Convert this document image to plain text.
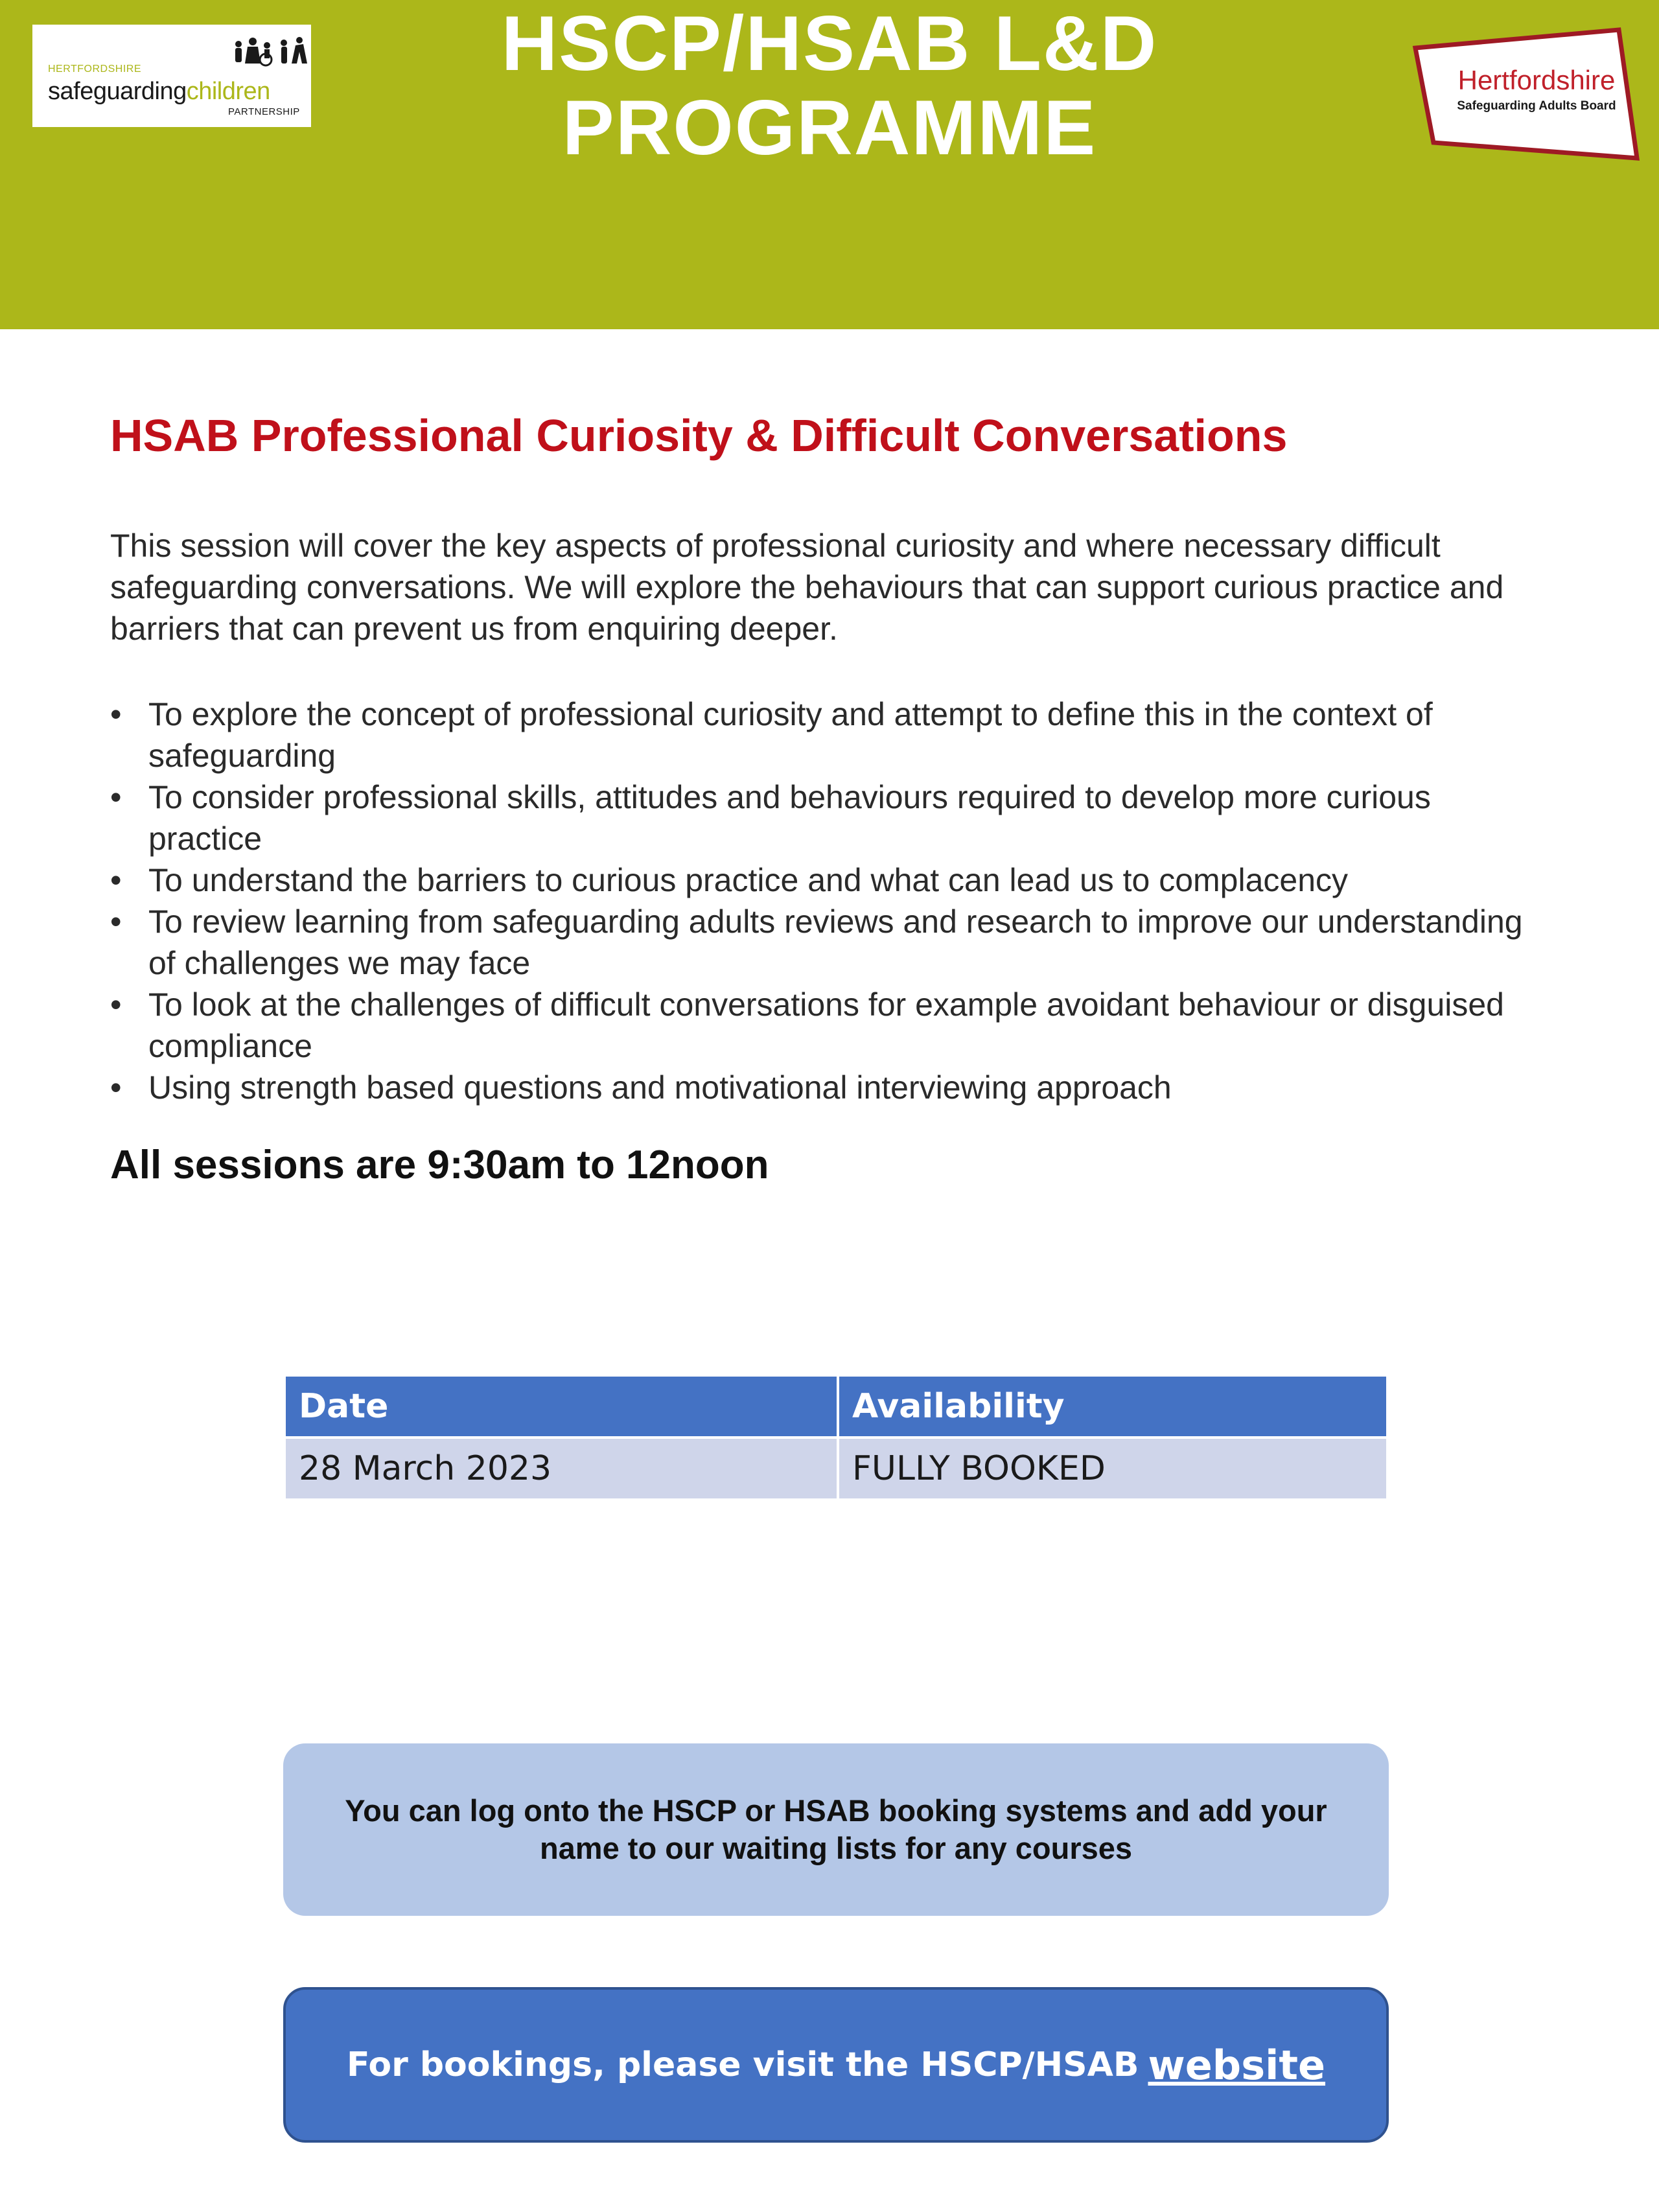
HERTFORDSHIRE
safeguardingchildren
PARTNERSHIP
HSCP/HSAB L&D
PROGRAMME
Hertfordshire
Safeguarding Adults Board
HSAB Professional Curiosity & Difficult Conversations

This session will cover the key aspects of professional curiosity and where necessary difficult safeguarding conversations. We will explore the behaviours that can support curious practice and barriers that can prevent us from enquiring deeper.

• To explore the concept of professional curiosity and attempt to define this in the context of safeguarding
• To consider professional skills, attitudes and behaviours required to develop more curious practice
• To understand the barriers to curious practice and what can lead us to complacency
• To review learning from safeguarding adults reviews and research to improve our understanding of challenges we may face
• To look at the challenges of difficult conversations for example avoidant behaviour or disguised compliance
• Using strength based questions and motivational interviewing approach
All sessions are 9:30am to 12noon
Date	Availability
28 March 2023	FULLY BOOKED
You can log onto the HSCP or HSAB booking systems and add your name to our waiting lists for any courses
For bookings, please visit the HSCP/HSAB website
